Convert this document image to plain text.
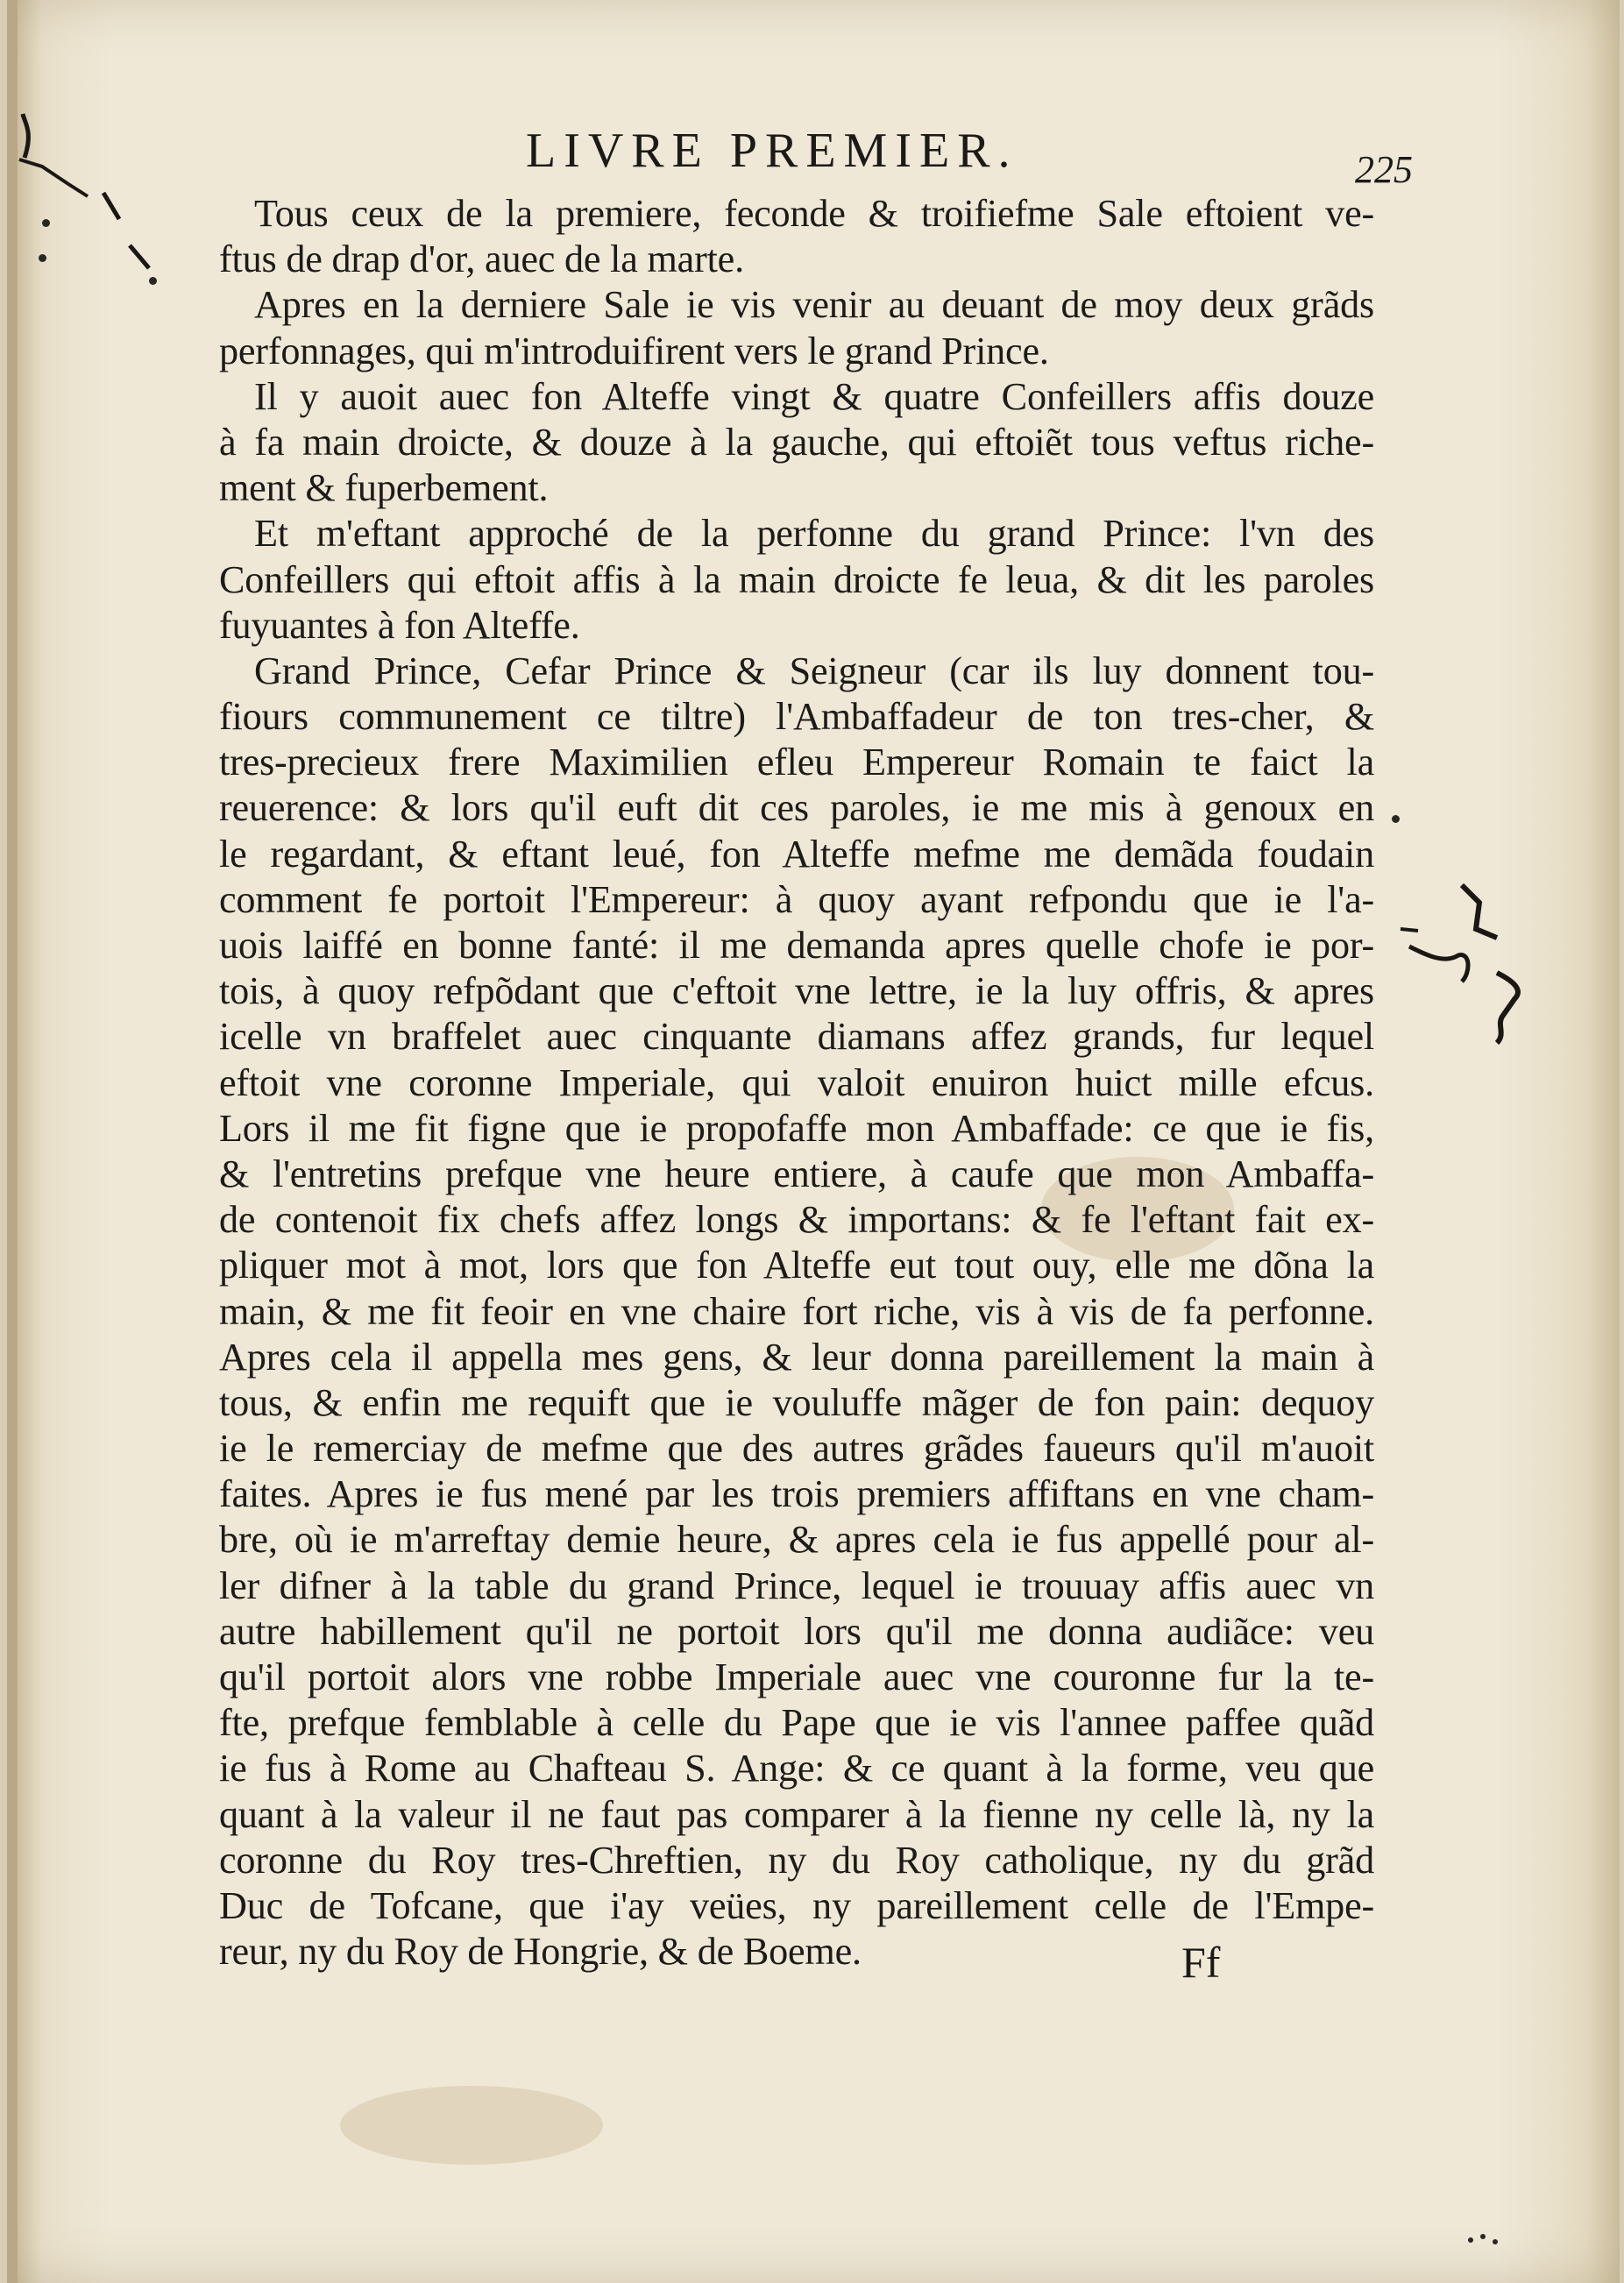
LIVRE PREMIER.	225
Tous ceux de la premiere, feconde & troifiefme Sale eftoient ve-
ftus de drap d'or, auec de la marte.
Apres en la derniere Sale ie vis venir au deuant de moy deux grãds
perfonnages, qui m'introduifirent vers le grand Prince.
Il y auoit auec fon Alteffe vingt & quatre Confeillers affis douze
à fa main droicte, & douze à la gauche, qui eftoiẽt tous veftus riche-
ment & fuperbement.
Et m'eftant approché de la perfonne du grand Prince: l'vn des
Confeillers qui eftoit affis à la main droicte fe leua, & dit les paroles
fuyuantes à fon Alteffe.
Grand Prince, Cefar Prince & Seigneur (car ils luy donnent tou-
fiours communement ce tiltre) l'Ambaffadeur de ton tres-cher, &
tres-precieux frere Maximilien efleu Empereur Romain te faict la
reuerence: & lors qu'il euft dit ces paroles, ie me mis à genoux en
le regardant, & eftant leué, fon Alteffe mefme me demãda foudain
comment fe portoit l'Empereur: à quoy ayant refpondu que ie l'a-
uois laiffé en bonne fanté: il me demanda apres quelle chofe ie por-
tois, à quoy refpõdant que c'eftoit vne lettre, ie la luy offris, & apres
icelle vn braffelet auec cinquante diamans affez grands, fur lequel
eftoit vne coronne Imperiale, qui valoit enuiron huict mille efcus.
Lors il me fit figne que ie propofaffe mon Ambaffade: ce que ie fis,
& l'entretins prefque vne heure entiere, à caufe que mon Ambaffa-
de contenoit fix chefs affez longs & importans: & fe l'eftant fait ex-
pliquer mot à mot, lors que fon Alteffe eut tout ouy, elle me dõna la
main, & me fit feoir en vne chaire fort riche, vis à vis de fa perfonne.
Apres cela il appella mes gens, & leur donna pareillement la main à
tous, & enfin me requift que ie vouluffe mãger de fon pain: dequoy
ie le remerciay de mefme que des autres grãdes faueurs qu'il m'auoit
faites. Apres ie fus mené par les trois premiers affiftans en vne cham-
bre, où ie m'arreftay demie heure, & apres cela ie fus appellé pour al-
ler difner à la table du grand Prince, lequel ie trouuay affis auec vn
autre habillement qu'il ne portoit lors qu'il me donna audiãce: veu
qu'il portoit alors vne robbe Imperiale auec vne couronne fur la te-
fte, prefque femblable à celle du Pape que ie vis l'annee paffee quãd
ie fus à Rome au Chafteau S. Ange: & ce quant à la forme, veu que
quant à la valeur il ne faut pas comparer à la fienne ny celle là, ny la
coronne du Roy tres-Chreftien, ny du Roy catholique, ny du grãd
Duc de Tofcane, que i'ay veües, ny pareillement celle de l'Empe-
reur, ny du Roy de Hongrie, & de Boeme.	Ff
